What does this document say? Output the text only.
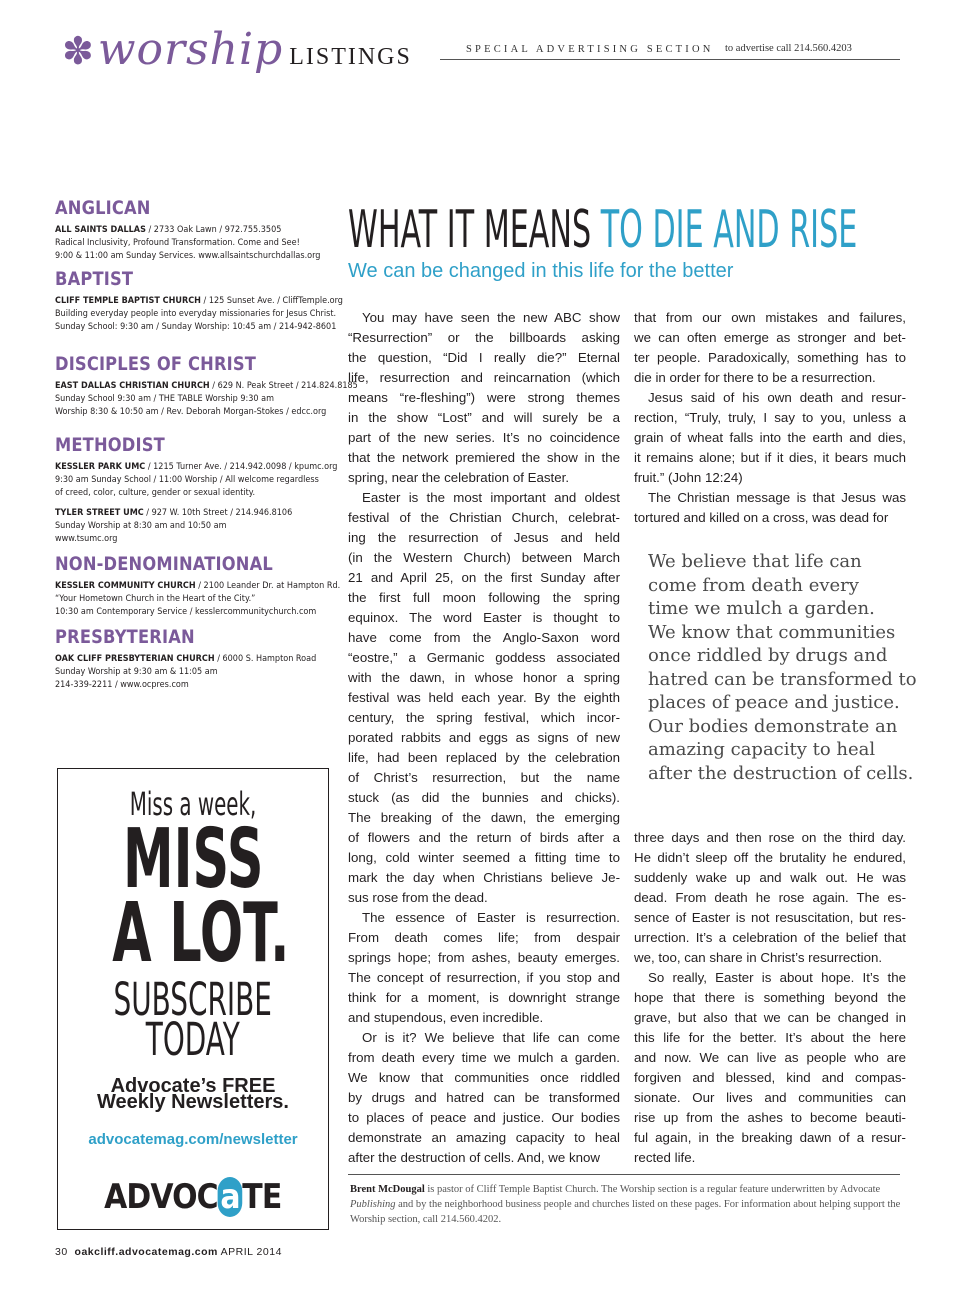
✽ worship LISTINGS	SPECIAL ADVERTISING SECTION to advertise call 214.560.4203
ANGLICAN

ALL SAINTS DALLAS / 2733 Oak Lawn / 972.755.3505

Radical Inclusivity, Profound Transformation. Come and See!

9:00 & 11:00 am Sunday Services. www.allsaintschurchdallas.org

BAPTIST

CLIFF TEMPLE BAPTIST CHURCH / 125 Sunset Ave. / CliffTemple.org

Building everyday people into everyday missionaries for Jesus Christ.

Sunday School: 9:30 am / Sunday Worship: 10:45 am / 214-942-8601

DISCIPLES OF CHRIST

EAST DALLAS CHRISTIAN CHURCH / 629 N. Peak Street / 214.824.8185

Sunday School 9:30 am / THE TABLE Worship 9:30 am

Worship 8:30 & 10:50 am / Rev. Deborah Morgan-Stokes / edcc.org

METHODIST

KESSLER PARK UMC / 1215 Turner Ave. / 214.942.0098 / kpumc.org

9:30 am Sunday School / 11:00 Worship / All welcome regardless

of creed, color, culture, gender or sexual identity.

TYLER STREET UMC / 927 W. 10th Street / 214.946.8106

Sunday Worship at 8:30 am and 10:50 am

www.tsumc.org

NON-DENOMINATIONAL

KESSLER COMMUNITY CHURCH / 2100 Leander Dr. at Hampton Rd.

“Your Hometown Church in the Heart of the City.”

10:30 am Contemporary Service / kesslercommunitychurch.com

PRESBYTERIAN

OAK CLIFF PRESBYTERIAN CHURCH / 6000 S. Hampton Road

Sunday Worship at 9:30 am & 11:05 am

214-339-2211 / www.ocpres.com

Miss a week,
MISS
A LOT.
SUBSCRIBE
TODAY
Advocate’s FREE
Weekly Newsletters.
advocatemag.com/newsletter
ADVOCaTE
WHAT IT MEANS TO DIE AND RISE
We can be changed in this life for the better
You may have seen the new ABC show
“Resurrection” or the billboards asking
the question, “Did I really die?” Eternal
life, resurrection and reincarnation (which
means “re-fleshing”) were strong themes
in the show “Lost” and will surely be a
part of the new series. It’s no coincidence
that the network premiered the show in the
spring, near the celebration of Easter.
Easter is the most important and oldest
festival of the Christian Church, celebrat-
ing the resurrection of Jesus and held
(in the Western Church) between March
21 and April 25, on the first Sunday after
the first full moon following the spring
equinox. The word Easter is thought to
have come from the Anglo-Saxon word
“eostre,” a Germanic goddess associated
with the dawn, in whose honor a spring
festival was held each year. By the eighth
century, the spring festival, which incor-
porated rabbits and eggs as signs of new
life, had been replaced by the celebration
of Christ’s resurrection, but the name
stuck (as did the bunnies and chicks).
The breaking of the dawn, the emerging
of flowers and the return of birds after a
long, cold winter seemed a fitting time to
mark the day when Christians believe Je-
sus rose from the dead.
The essence of Easter is resurrection.
From death comes life; from despair
springs hope; from ashes, beauty emerges.
The concept of resurrection, if you stop and
think for a moment, is downright strange
and stupendous, even incredible.
Or is it? We believe that life can come
from death every time we mulch a garden.
We know that communities once riddled
by drugs and hatred can be transformed
to places of peace and justice. Our bodies
demonstrate an amazing capacity to heal
after the destruction of cells. And, we know
that from our own mistakes and failures,
we can often emerge as stronger and bet-
ter people. Paradoxically, something has to
die in order for there to be a resurrection.
Jesus said of his own death and resur-
rection, “Truly, truly, I say to you, unless a
grain of wheat falls into the earth and dies,
it remains alone; but if it dies, it bears much
fruit.” (John 12:24)
The Christian message is that Jesus was
tortured and killed on a cross, was dead for
We believe that life can
come from death every
time we mulch a garden.
We know that communities
once riddled by drugs and
hatred can be transformed to
places of peace and justice.
Our bodies demonstrate an
amazing capacity to heal
after the destruction of cells.
three days and then rose on the third day.
He didn’t sleep off the brutality he endured,
suddenly wake up and walk out. He was
dead. From death he rose again. The es-
sence of Easter is not resuscitation, but res-
urrection. It’s a celebration of the belief that
we, too, can share in Christ’s resurrection.
So really, Easter is about hope. It’s the
hope that there is something beyond the
grave, but also that we can be changed in
this life for the better. It’s about the here
and now. We can live as people who are
forgiven and blessed, kind and compas-
sionate. Our lives and communities can
rise up from the ashes to become beauti-
ful again, in the breaking dawn of a resur-
rected life.
Brent McDougal is pastor of Cliff Temple Baptist Church. The Worship section is a regular feature underwritten by Advocate Publishing and by the neighborhood business people and churches listed on these pages. For information about helping support the Worship section, call 214.560.4202.
30 oakcliff.advocatemag.com APRIL 2014
